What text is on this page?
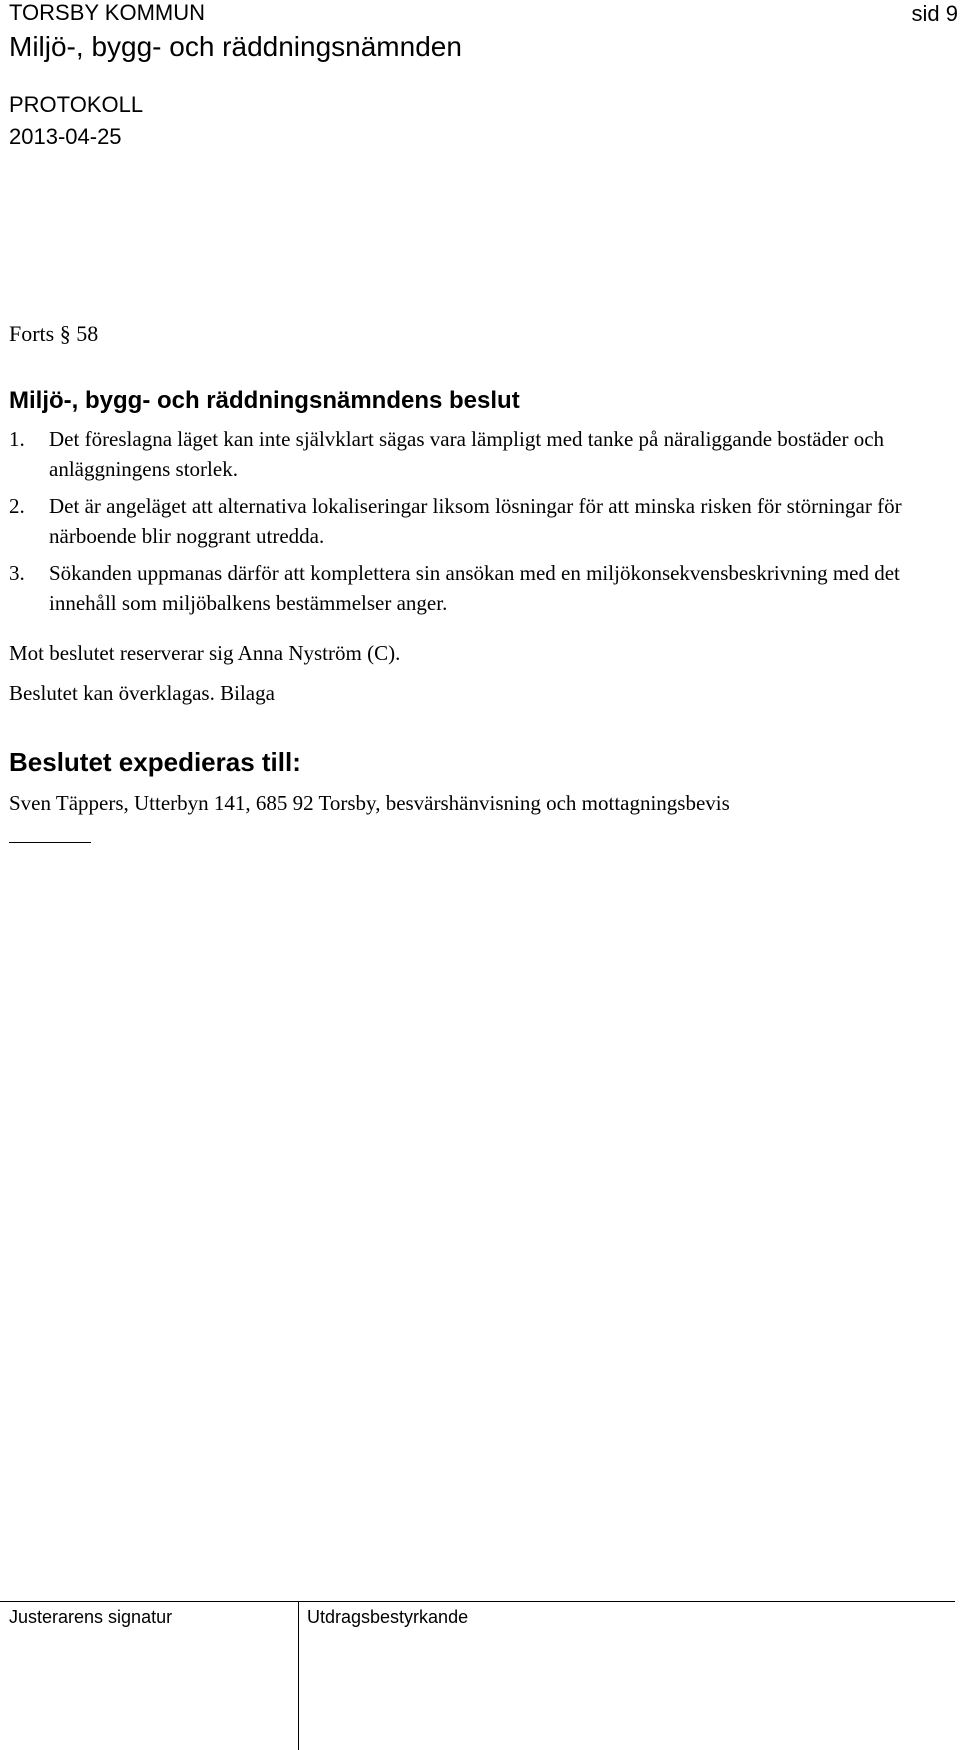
TORSBY KOMMUN
Miljö-, bygg- och räddningsnämnden
sid 9
PROTOKOLL
2013-04-25
Forts § 58
Miljö-, bygg- och räddningsnämndens beslut
1. Det föreslagna läget kan inte självklart sägas vara lämpligt med tanke på näraliggande bostäder och anläggningens storlek.
2. Det är angeläget att alternativa lokaliseringar liksom lösningar för att minska risken för störningar för närboende blir noggrant utredda.
3. Sökanden uppmanas därför att komplettera sin ansökan med en miljökonsekvensbeskrivning med det innehåll som miljöbalkens bestämmelser anger.
Mot beslutet reserverar sig Anna Nyström (C).
Beslutet kan överklagas. Bilaga
Beslutet expedieras till:
Sven Täppers, Utterbyn 141, 685 92 Torsby, besvärshänvisning och mottagningsbevis
Justerarens signatur	Utdragsbestyrkande
